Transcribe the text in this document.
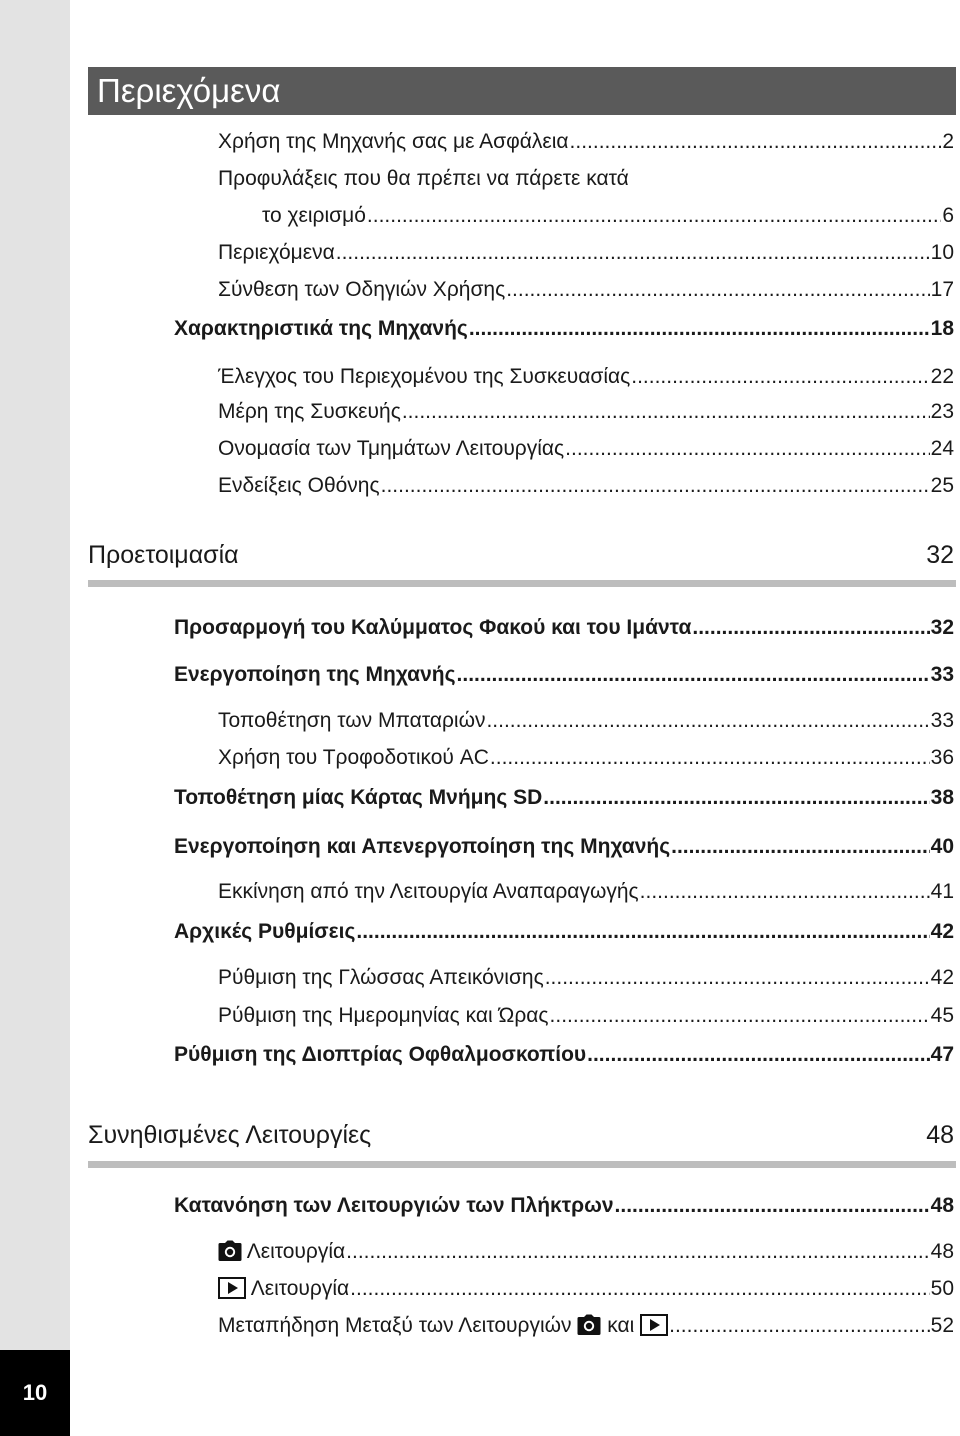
10
Περιεχόμενα
Χρήση της Μηχανής σας με Ασφάλεια .....	2
Προφυλάξεις που θα πρέπει να πάρετε κατά
το χειρισμό .....	6
Περιεχόμενα .....	10
Σύνθεση των Οδηγιών Χρήσης .....	17
Χαρακτηριστικά της Μηχανής .....	18
Έλεγχος του Περιεχομένου της Συσκευασίας .....	22
Μέρη της Συσκευής .....	23
Ονομασία των Τμημάτων Λειτουργίας .....	24
Ενδείξεις Οθόνης .....	25
Προετοιμασία	32
Προσαρμογή του Καλύμματος Φακού και του Ιμάντα .....	32
Ενεργοποίηση της Μηχανής .....	33
Τοποθέτηση των Μπαταριών .....	33
Χρήση του Τροφοδοτικού AC .....	36
Τοποθέτηση μίας Κάρτας Μνήμης SD .....	38
Ενεργοποίηση και Απενεργοποίηση της Μηχανής .....	40
Εκκίνηση από την Λειτουργία Αναπαραγωγής .....	41
Αρχικές Ρυθμίσεις .....	42
Ρύθμιση της Γλώσσας Απεικόνισης .....	42
Ρύθμιση της Ημερομηνίας και Ώρας .....	45
Ρύθμιση της Διοπτρίας Οφθαλμοσκοπίου .....	47
Συνηθισμένες Λειτουργίες	48
Κατανόηση των Λειτουργιών των Πλήκτρων .....	48
Λειτουργία .....	48
Λειτουργία .....	50
Μεταπήδηση Μεταξύ των Λειτουργιών και .....	52
